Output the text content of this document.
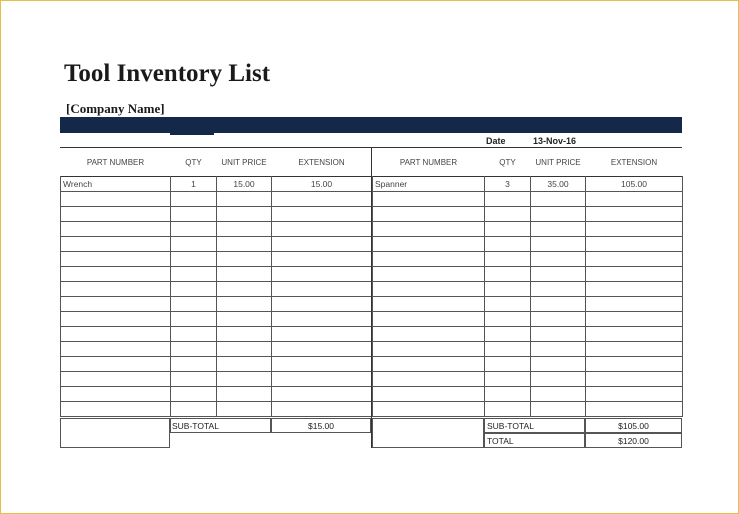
Tool Inventory List
[Company Name]
Date	13-Nov-16
PART NUMBER	QTY	UNIT PRICE	EXTENSION
Wrench	1	15.00	15.00

PART NUMBER	QTY	UNIT PRICE	EXTENSION
Spanner	3	35.00	105.00

SUB-TOTAL	$15.00	SUB-TOTAL	$105.00
TOTAL	$120.00
